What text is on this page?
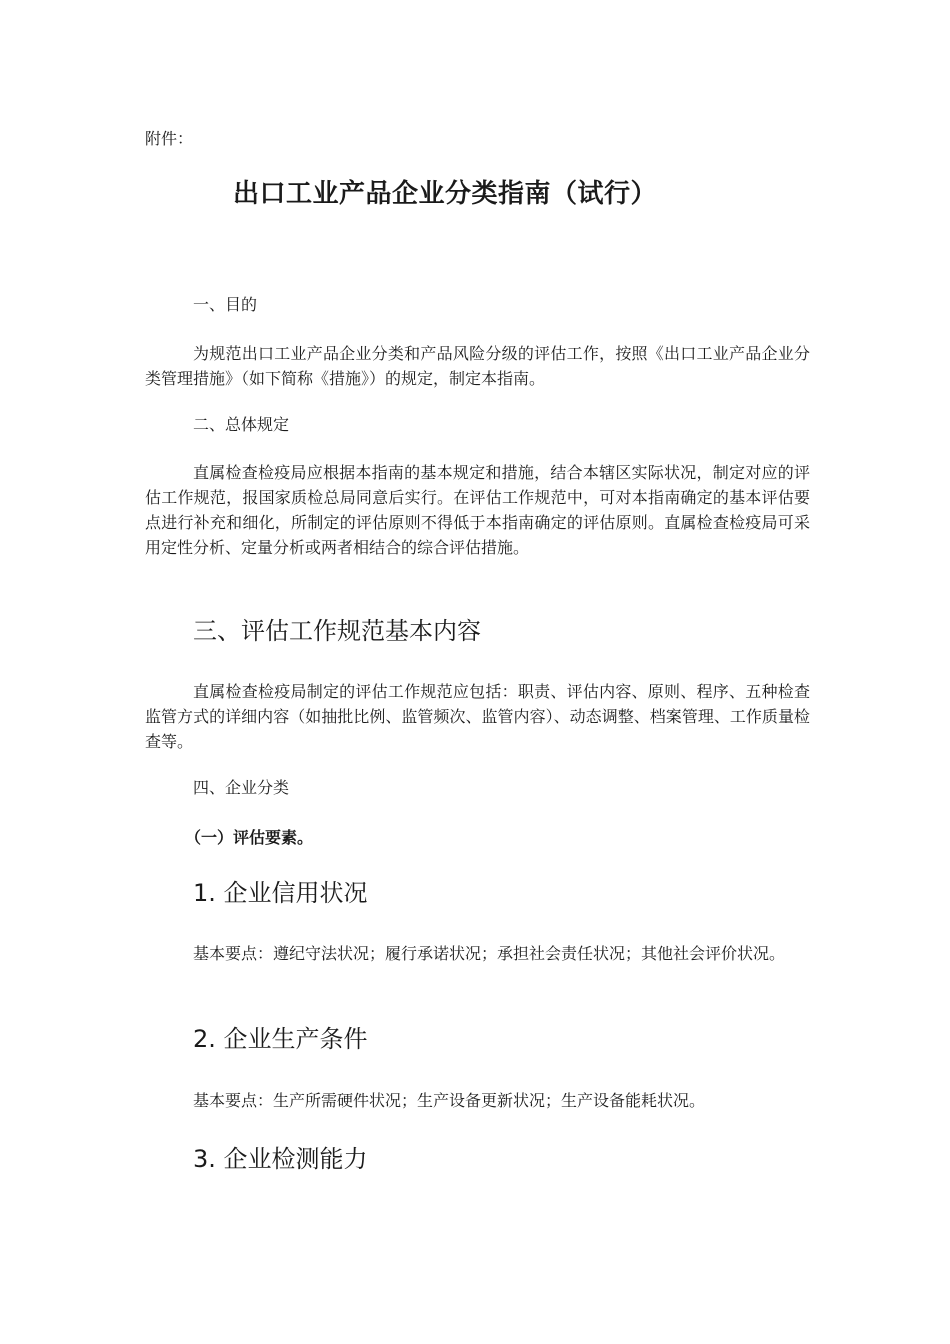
附件：

出口工业产品企业分类指南（试行）

一、目的

为规范出口工业产品企业分类和产品风险分级的评估工作，按照《出口工业产品企业分类管理措施》（如下简称《措施》）的规定，制定本指南。

二、总体规定

直属检查检疫局应根据本指南的基本规定和措施，结合本辖区实际状况，制定对应的评估工作规范，报国家质检总局同意后实行。在评估工作规范中，可对本指南确定的基本评估要点进行补充和细化，所制定的评估原则不得低于本指南确定的评估原则。直属检查检疫局可采用定性分析、定量分析或两者相结合的综合评估措施。

三、评估工作规范基本内容

直属检查检疫局制定的评估工作规范应包括：职责、评估内容、原则、程序、五种检查监管方式的详细内容（如抽批比例、监管频次、监管内容）、动态调整、档案管理、工作质量检查等。

四、企业分类

（一）评估要素。

1. 企业信用状况

基本要点：遵纪守法状况；履行承诺状况；承担社会责任状况；其他社会评价状况。

2. 企业生产条件

基本要点：生产所需硬件状况；生产设备更新状况；生产设备能耗状况。

3. 企业检测能力
